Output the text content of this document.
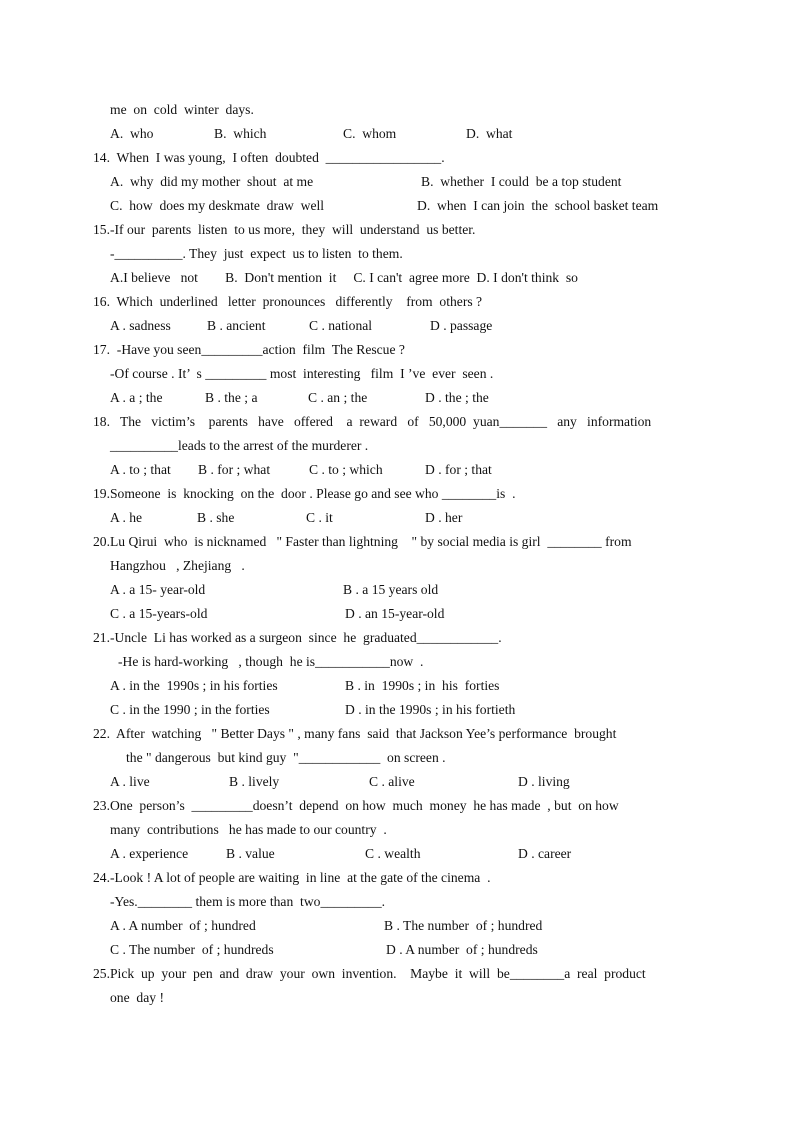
me  on  cold  winter  days.
A.  who	B.  which	C.  whom	D.  what
14.  When  I was young,  I often  doubted  _________________.
A.  why  did my mother  shout  at me	B.  whether  I could  be a top student
C.  how  does my deskmate  draw  well	D.  when  I can join  the  school basket team
15.-If our  parents  listen  to us more,  they  will  understand  us better.
-__________. They  just  expect  us to listen  to them.
A.I believe   not        B.  Don't mention  it     C. I can't  agree more  D. I don't think  so
16.  Which  underlined   letter  pronounces   differently    from  others ?
A . sadness	B . ancient	C . national	D . passage
17.  -Have you seen_________action  film  The Rescue ?
-Of course . It’  s _________ most  interesting   film  I ’ve  ever  seen .
A . a ; the	B . the ; a	C . an ; the	D . the ; the
18.   The   victim’s    parents   have   offered    a  reward   of   50,000  yuan_______   any   information
__________leads to the arrest of the murderer .
A . to ; that B . for ; what	C . to ; which	D . for ; that
19.Someone  is  knocking  on the  door . Please go and see who ________is  .
A . he	B . she	C . it	D . her
20.Lu Qirui  who  is nicknamed   " Faster than lightning    " by social media is girl  ________ from
Hangzhou   , Zhejiang   .
A . a 15- year-old	B . a 15 years old
C . a 15-years-old	D . an 15-year-old
21.-Uncle  Li has worked as a surgeon  since  he  graduated____________.
-He is hard-working   , though  he is___________now  .
A . in the  1990s ; in his forties	B . in  1990s ; in  his  forties
C . in the 1990 ; in the forties	D . in the 1990s ; in his fortieth
22.  After  watching   " Better Days " , many fans  said  that Jackson Yee’s performance  brought
the " dangerous  but kind guy  "____________  on screen .
A . live	B . lively	C . alive	D . living
23.One  person’s  _________doesn’t  depend  on how  much  money  he has made  , but  on how
many  contributions   he has made to our country  .
A . experience	B . value	C . wealth	D . career
24.-Look ! A lot of people are waiting  in line  at the gate of the cinema  .
-Yes.________ them is more than  two_________.
A . A number  of ; hundred	B . The number  of ; hundred
C . The number  of ; hundreds	D . A number  of ; hundreds
25.Pick  up  your  pen  and  draw  your  own  invention.    Maybe  it  will  be________a  real  product
one  day !
